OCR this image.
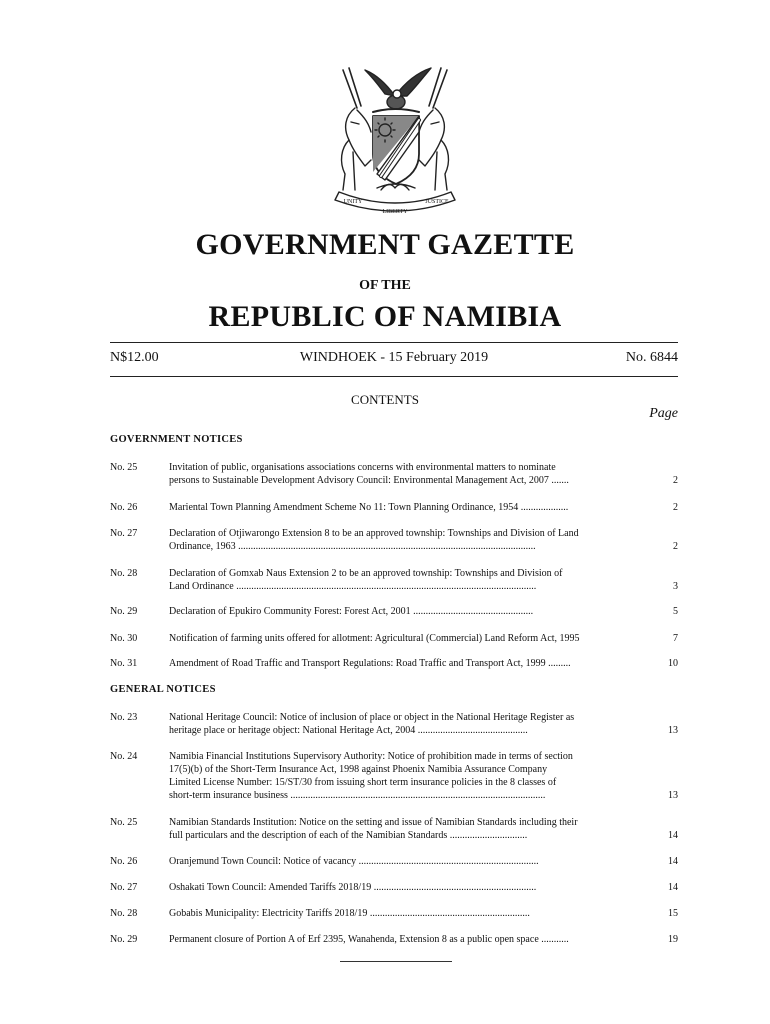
UNITY
LIBERTY
JUSTICE
GOVERNMENT GAZETTE
OF THE
REPUBLIC OF NAMIBIA
N$12.00	WINDHOEK - 15 February 2019	No. 6844
CONTENTS
Page
GOVERNMENT NOTICES
No. 25	Invitation of public, organisations associations concerns with environmental matters to nominate
persons to Sustainable Development Advisory Council: Environmental Management Act, 2007 .......	2
No. 26	Mariental Town Planning Amendment Scheme No 11: Town Planning Ordinance, 1954 ...................	2
No. 27	Declaration of Otjiwarongo Extension 8 to be an approved township: Townships and Division of Land
Ordinance, 1963 .......................................................................................................................	2
No. 28	Declaration of Gomxab Naus Extension 2 to be an approved township: Townships and Division of
Land Ordinance ........................................................................................................................	3
No. 29	Declaration of Epukiro Community Forest: Forest Act, 2001 ................................................	5
No. 30	Notification of farming units offered for allotment: Agricultural (Commercial) Land Reform Act, 1995	7
No. 31	Amendment of Road Traffic and Transport Regulations: Road Traffic and Transport Act, 1999 .........	10
GENERAL NOTICES
No. 23	National Heritage Council: Notice of inclusion of place or object in the National Heritage Register as
heritage place or heritage object: National Heritage Act, 2004 ............................................	13
No. 24	Namibia Financial Institutions Supervisory Authority: Notice of prohibition made in terms of section
17(5)(b) of the Short-Term Insurance Act, 1998 against Phoenix Namibia Assurance Company
Limited License Number: 15/ST/30 from issuing short term insurance policies in the 8 classes of
short-term insurance business ......................................................................................................	13
No. 25	Namibian Standards Institution: Notice on the setting and issue of Namibian Standards including their
full particulars and the description of each of the Namibian Standards ...............................	14
No. 26	Oranjemund Town Council: Notice of vacancy ........................................................................	14
No. 27	Oshakati Town Council: Amended Tariffs 2018/19 .................................................................	14
No. 28	Gobabis Municipality: Electricity Tariffs 2018/19 ................................................................	15
No. 29	Permanent closure of Portion A of Erf 2395, Wanahenda, Extension 8 as a public open space ...........	19
